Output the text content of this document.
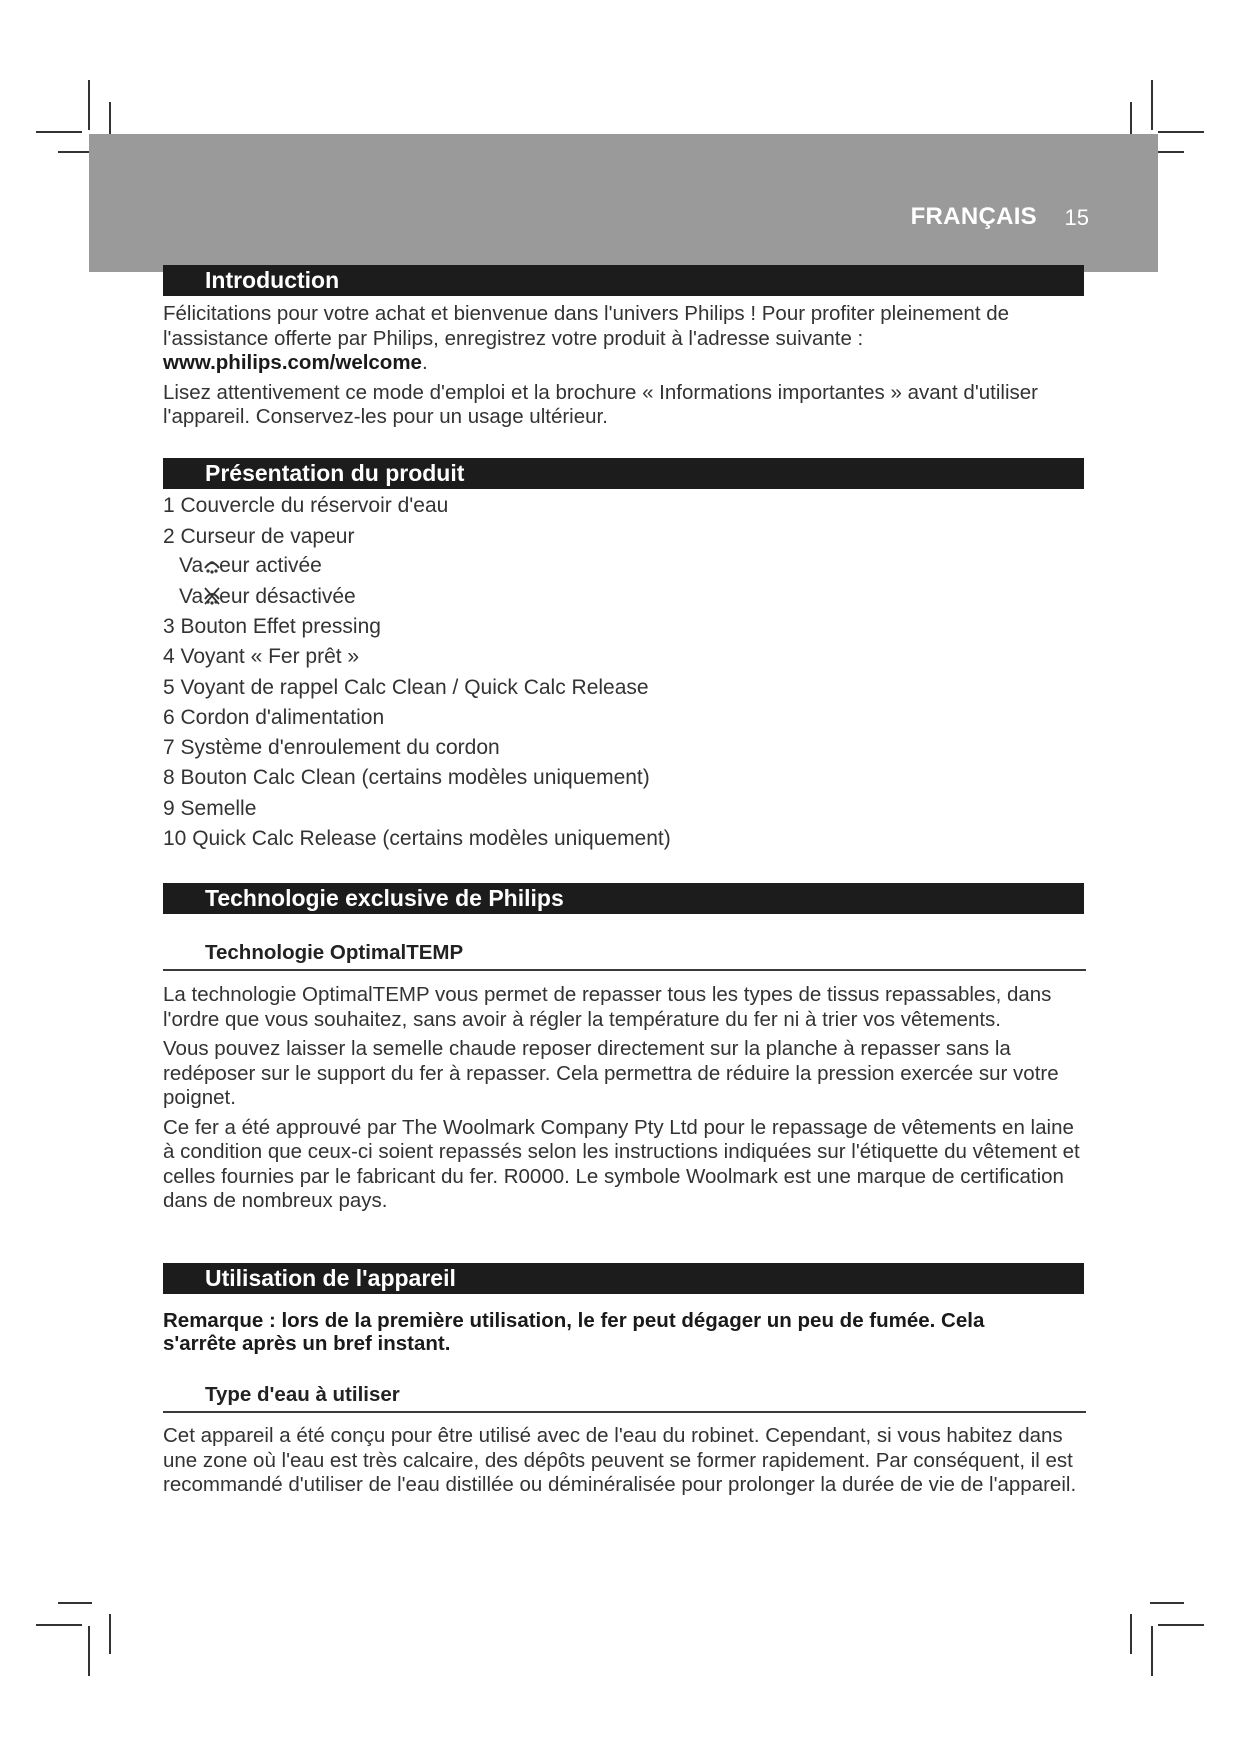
FRANÇAIS 15
Introduction

Félicitations pour votre achat et bienvenue dans l'univers Philips ! Pour profiter pleinement de l'assistance offerte par Philips, enregistrez votre produit à l'adresse suivante : www.philips.com/welcome.

Lisez attentivement ce mode d'emploi et la brochure « Informations importantes » avant d'utiliser l'appareil. Conservez-les pour un usage ultérieur.

Présentation du produit
1 Couvercle du réservoir d'eau
2 Curseur de vapeur
Va eur activée
Va eur désactivée
3 Bouton Effet pressing
4 Voyant « Fer prêt »
5 Voyant de rappel Calc Clean / Quick Calc Release
6 Cordon d'alimentation
7 Système d'enroulement du cordon
8 Bouton Calc Clean (certains modèles uniquement)
9 Semelle
10 Quick Calc Release (certains modèles uniquement)
Technologie exclusive de Philips
Technologie OptimalTEMP

La technologie OptimalTEMP vous permet de repasser tous les types de tissus repassables, dans l'ordre que vous souhaitez, sans avoir à régler la température du fer ni à trier vos vêtements.

Vous pouvez laisser la semelle chaude reposer directement sur la planche à repasser sans la redéposer sur le support du fer à repasser. Cela permettra de réduire la pression exercée sur votre poignet.

Ce fer a été approuvé par The Woolmark Company Pty Ltd pour le repassage de vêtements en laine à condition que ceux-ci soient repassés selon les instructions indiquées sur l'étiquette du vêtement et celles fournies par le fabricant du fer. R0000. Le symbole Woolmark est une marque de certification dans de nombreux pays.

Utilisation de l'appareil
Remarque : lors de la première utilisation, le fer peut dégager un peu de fumée. Cela s'arrête après un bref instant.
Type d'eau à utiliser

Cet appareil a été conçu pour être utilisé avec de l'eau du robinet. Cependant, si vous habitez dans une zone où l'eau est très calcaire, des dépôts peuvent se former rapidement. Par conséquent, il est recommandé d'utiliser de l'eau distillée ou déminéralisée pour prolonger la durée de vie de l'appareil.
